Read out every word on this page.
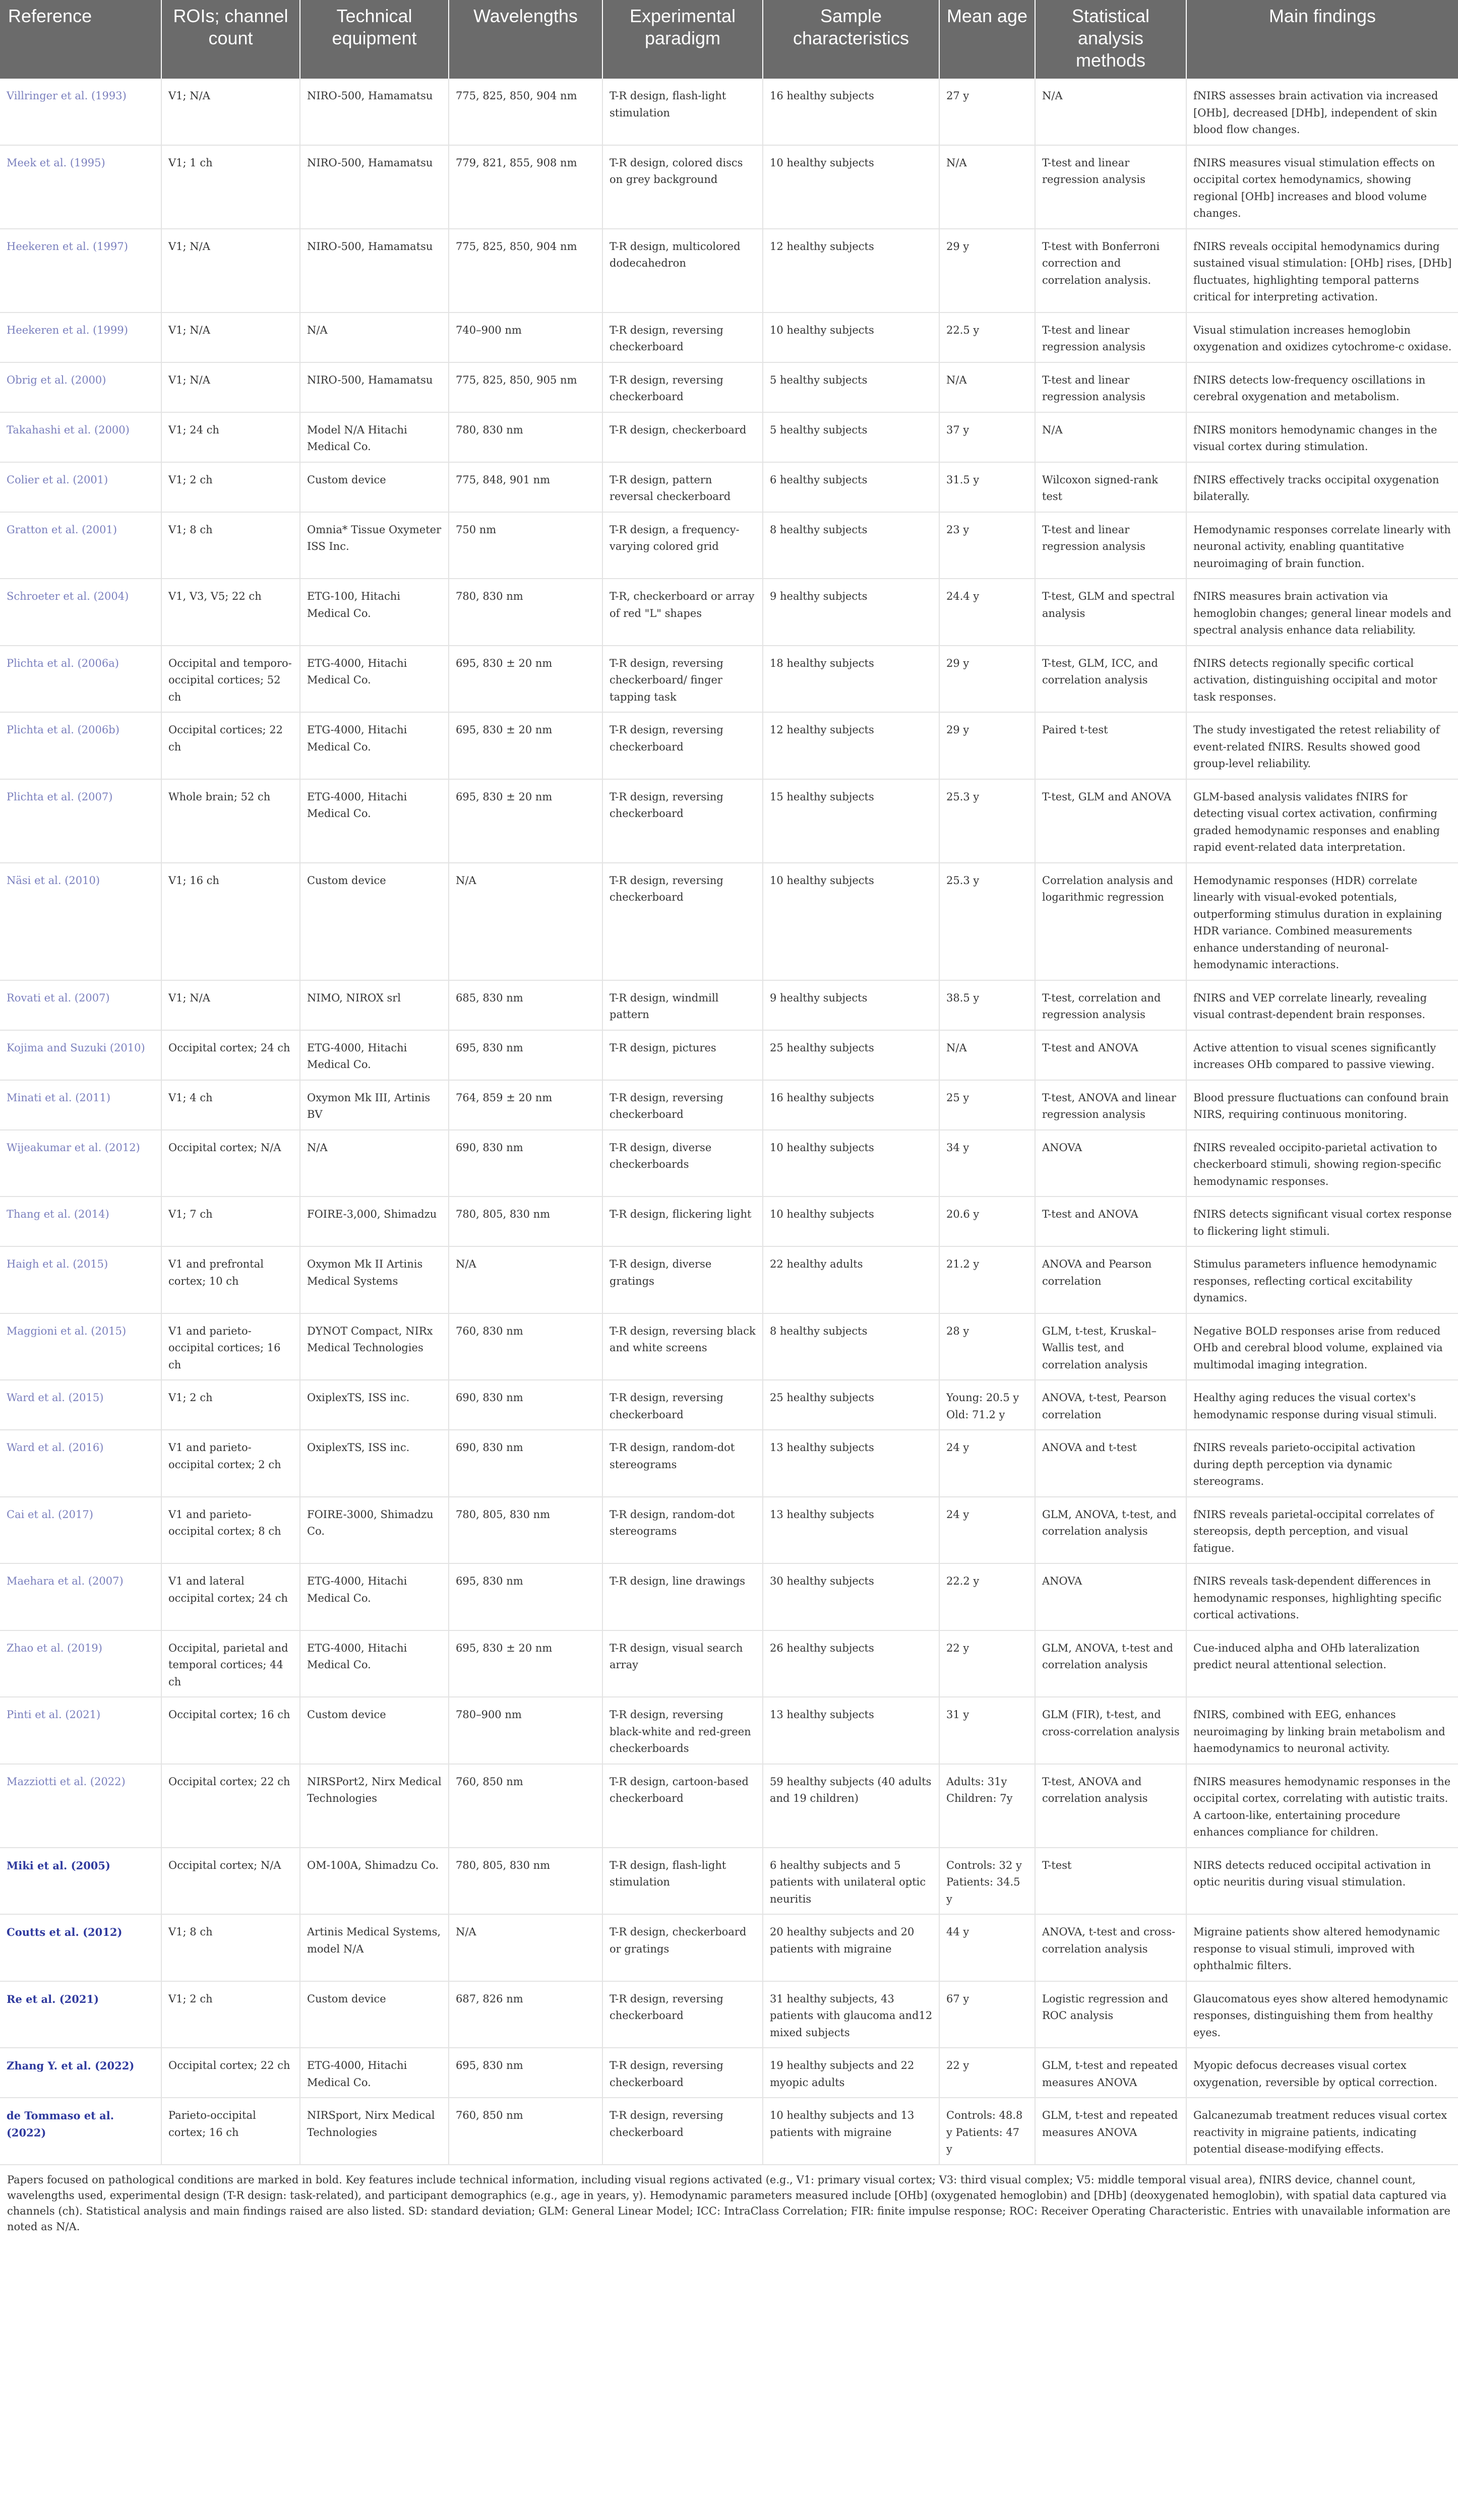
Reference	ROIs; channel count	Technical equipment	Wavelengths	Experimental paradigm	Sample characteristics	Mean age	Statistical analysis methods	Main findings
Villringer et al. (1993)	V1; N/A	NIRO-500, Hamamatsu	775, 825, 850, 904 nm	T-R design, flash-light stimulation	16 healthy subjects	27 y	N/A	fNIRS assesses brain activation via increased [OHb], decreased [DHb], independent of skin blood flow changes.
Meek et al. (1995)	V1; 1 ch	NIRO-500, Hamamatsu	779, 821, 855, 908 nm	T-R design, colored discs on grey background	10 healthy subjects	N/A	T-test and linear regression analysis	fNIRS measures visual stimulation effects on occipital cortex hemodynamics, showing regional [OHb] increases and blood volume changes.
Heekeren et al. (1997)	V1; N/A	NIRO-500, Hamamatsu	775, 825, 850, 904 nm	T-R design, multicolored dodecahedron	12 healthy subjects	29 y	T-test with Bonferroni correction and correlation analysis.	fNIRS reveals occipital hemodynamics during sustained visual stimulation: [OHb] rises, [DHb] fluctuates, highlighting temporal patterns critical for interpreting activation.
Heekeren et al. (1999)	V1; N/A	N/A	740–900 nm	T-R design, reversing checkerboard	10 healthy subjects	22.5 y	T-test and linear regression analysis	Visual stimulation increases hemoglobin oxygenation and oxidizes cytochrome-c oxidase.
Obrig et al. (2000)	V1; N/A	NIRO-500, Hamamatsu	775, 825, 850, 905 nm	T-R design, reversing checkerboard	5 healthy subjects	N/A	T-test and linear regression analysis	fNIRS detects low-frequency oscillations in cerebral oxygenation and metabolism.
Takahashi et al. (2000)	V1; 24 ch	Model N/A Hitachi Medical Co.	780, 830 nm	T-R design, checkerboard	5 healthy subjects	37 y	N/A	fNIRS monitors hemodynamic changes in the visual cortex during stimulation.
Colier et al. (2001)	V1; 2 ch	Custom device	775, 848, 901 nm	T-R design, pattern reversal checkerboard	6 healthy subjects	31.5 y	Wilcoxon signed-rank test	fNIRS effectively tracks occipital oxygenation bilaterally.
Gratton et al. (2001)	V1; 8 ch	Omnia* Tissue Oxymeter ISS Inc.	750 nm	T-R design, a frequency-varying colored grid	8 healthy subjects	23 y	T-test and linear regression analysis	Hemodynamic responses correlate linearly with neuronal activity, enabling quantitative neuroimaging of brain function.
Schroeter et al. (2004)	V1, V3, V5; 22 ch	ETG-100, Hitachi Medical Co.	780, 830 nm	T-R, checkerboard or array of red "L" shapes	9 healthy subjects	24.4 y	T-test, GLM and spectral analysis	fNIRS measures brain activation via hemoglobin changes; general linear models and spectral analysis enhance data reliability.
Plichta et al. (2006a)	Occipital and temporo-occipital cortices; 52 ch	ETG-4000, Hitachi Medical Co.	695, 830 ± 20 nm	T-R design, reversing checkerboard/ finger tapping task	18 healthy subjects	29 y	T-test, GLM, ICC, and correlation analysis	fNIRS detects regionally specific cortical activation, distinguishing occipital and motor task responses.
Plichta et al. (2006b)	Occipital cortices; 22 ch	ETG-4000, Hitachi Medical Co.	695, 830 ± 20 nm	T-R design, reversing checkerboard	12 healthy subjects	29 y	Paired t-test	The study investigated the retest reliability of event-related fNIRS. Results showed good group-level reliability.
Plichta et al. (2007)	Whole brain; 52 ch	ETG-4000, Hitachi Medical Co.	695, 830 ± 20 nm	T-R design, reversing checkerboard	15 healthy subjects	25.3 y	T-test, GLM and ANOVA	GLM-based analysis validates fNIRS for detecting visual cortex activation, confirming graded hemodynamic responses and enabling rapid event-related data interpretation.
Näsi et al. (2010)	V1; 16 ch	Custom device	N/A	T-R design, reversing checkerboard	10 healthy subjects	25.3 y	Correlation analysis and logarithmic regression	Hemodynamic responses (HDR) correlate linearly with visual-evoked potentials, outperforming stimulus duration in explaining HDR variance. Combined measurements enhance understanding of neuronal-hemodynamic interactions.
Rovati et al. (2007)	V1; N/A	NIMO, NIROX srl	685, 830 nm	T-R design, windmill pattern	9 healthy subjects	38.5 y	T-test, correlation and regression analysis	fNIRS and VEP correlate linearly, revealing visual contrast-dependent brain responses.
Kojima and Suzuki (2010)	Occipital cortex; 24 ch	ETG-4000, Hitachi Medical Co.	695, 830 nm	T-R design, pictures	25 healthy subjects	N/A	T-test and ANOVA	Active attention to visual scenes significantly increases OHb compared to passive viewing.
Minati et al. (2011)	V1; 4 ch	Oxymon Mk III, Artinis BV	764, 859 ± 20 nm	T-R design, reversing checkerboard	16 healthy subjects	25 y	T-test, ANOVA and linear regression analysis	Blood pressure fluctuations can confound brain NIRS, requiring continuous monitoring.
Wijeakumar et al. (2012)	Occipital cortex; N/A	N/A	690, 830 nm	T-R design, diverse checkerboards	10 healthy subjects	34 y	ANOVA	fNIRS revealed occipito-parietal activation to checkerboard stimuli, showing region-specific hemodynamic responses.
Thang et al. (2014)	V1; 7 ch	FOIRE-3,000, Shimadzu	780, 805, 830 nm	T-R design, flickering light	10 healthy subjects	20.6 y	T-test and ANOVA	fNIRS detects significant visual cortex response to flickering light stimuli.
Haigh et al. (2015)	V1 and prefrontal cortex; 10 ch	Oxymon Mk II Artinis Medical Systems	N/A	T-R design, diverse gratings	22 healthy adults	21.2 y	ANOVA and Pearson correlation	Stimulus parameters influence hemodynamic responses, reflecting cortical excitability dynamics.
Maggioni et al. (2015)	V1 and parieto-occipital cortices; 16 ch	DYNOT Compact, NIRx Medical Technologies	760, 830 nm	T-R design, reversing black and white screens	8 healthy subjects	28 y	GLM, t-test, Kruskal–Wallis test, and correlation analysis	Negative BOLD responses arise from reduced OHb and cerebral blood volume, explained via multimodal imaging integration.
Ward et al. (2015)	V1; 2 ch	OxiplexTS, ISS inc.	690, 830 nm	T-R design, reversing checkerboard	25 healthy subjects	Young: 20.5 y Old: 71.2 y	ANOVA, t-test, Pearson correlation	Healthy aging reduces the visual cortex's hemodynamic response during visual stimuli.
Ward et al. (2016)	V1 and parieto-occipital cortex; 2 ch	OxiplexTS, ISS inc.	690, 830 nm	T-R design, random-dot stereograms	13 healthy subjects	24 y	ANOVA and t-test	fNIRS reveals parieto-occipital activation during depth perception via dynamic stereograms.
Cai et al. (2017)	V1 and parieto-occipital cortex; 8 ch	FOIRE-3000, Shimadzu Co.	780, 805, 830 nm	T-R design, random-dot stereograms	13 healthy subjects	24 y	GLM, ANOVA, t-test, and correlation analysis	fNIRS reveals parietal-occipital correlates of stereopsis, depth perception, and visual fatigue.
Maehara et al. (2007)	V1 and lateral occipital cortex; 24 ch	ETG-4000, Hitachi Medical Co.	695, 830 nm	T-R design, line drawings	30 healthy subjects	22.2 y	ANOVA	fNIRS reveals task-dependent differences in hemodynamic responses, highlighting specific cortical activations.
Zhao et al. (2019)	Occipital, parietal and temporal cortices; 44 ch	ETG-4000, Hitachi Medical Co.	695, 830 ± 20 nm	T-R design, visual search array	26 healthy subjects	22 y	GLM, ANOVA, t-test and correlation analysis	Cue-induced alpha and OHb lateralization predict neural attentional selection.
Pinti et al. (2021)	Occipital cortex; 16 ch	Custom device	780–900 nm	T-R design, reversing black-white and red-green checkerboards	13 healthy subjects	31 y	GLM (FIR), t-test, and cross-correlation analysis	fNIRS, combined with EEG, enhances neuroimaging by linking brain metabolism and haemodynamics to neuronal activity.
Mazziotti et al. (2022)	Occipital cortex; 22 ch	NIRSPort2, Nirx Medical Technologies	760, 850 nm	T-R design, cartoon-based checkerboard	59 healthy subjects (40 adults and 19 children)	Adults: 31y Children: 7y	T-test, ANOVA and correlation analysis	fNIRS measures hemodynamic responses in the occipital cortex, correlating with autistic traits. A cartoon-like, entertaining procedure enhances compliance for children.
Miki et al. (2005)	Occipital cortex; N/A	OM-100A, Shimadzu Co.	780, 805, 830 nm	T-R design, flash-light stimulation	6 healthy subjects and 5 patients with unilateral optic neuritis	Controls: 32 y Patients: 34.5 y	T-test	NIRS detects reduced occipital activation in optic neuritis during visual stimulation.
Coutts et al. (2012)	V1; 8 ch	Artinis Medical Systems, model N/A	N/A	T-R design, checkerboard or gratings	20 healthy subjects and 20 patients with migraine	44 y	ANOVA, t-test and cross-correlation analysis	Migraine patients show altered hemodynamic response to visual stimuli, improved with ophthalmic filters.
Re et al. (2021)	V1; 2 ch	Custom device	687, 826 nm	T-R design, reversing checkerboard	31 healthy subjects, 43 patients with glaucoma and12 mixed subjects	67 y	Logistic regression and ROC analysis	Glaucomatous eyes show altered hemodynamic responses, distinguishing them from healthy eyes.
Zhang Y. et al. (2022)	Occipital cortex; 22 ch	ETG-4000, Hitachi Medical Co.	695, 830 nm	T-R design, reversing checkerboard	19 healthy subjects and 22 myopic adults	22 y	GLM, t-test and repeated measures ANOVA	Myopic defocus decreases visual cortex oxygenation, reversible by optical correction.
de Tommaso et al. (2022)	Parieto-occipital cortex; 16 ch	NIRSport, Nirx Medical Technologies	760, 850 nm	T-R design, reversing checkerboard	10 healthy subjects and 13 patients with migraine	Controls: 48.8 y Patients: 47 y	GLM, t-test and repeated measures ANOVA	Galcanezumab treatment reduces visual cortex reactivity in migraine patients, indicating potential disease-modifying effects.
Papers focused on pathological conditions are marked in bold. Key features include technical information, including visual regions activated (e.g., V1: primary visual cortex; V3: third visual complex; V5: middle temporal visual area), fNIRS device, channel count, wavelengths used, experimental design (T-R design: task-related), and participant demographics (e.g., age in years, y). Hemodynamic parameters measured include [OHb] (oxygenated hemoglobin) and [DHb] (deoxygenated hemoglobin), with spatial data captured via channels (ch). Statistical analysis and main findings raised are also listed. SD: standard deviation; GLM: General Linear Model; ICC: IntraClass Correlation; FIR: finite impulse response; ROC: Receiver Operating Characteristic. Entries with unavailable information are noted as N/A.
